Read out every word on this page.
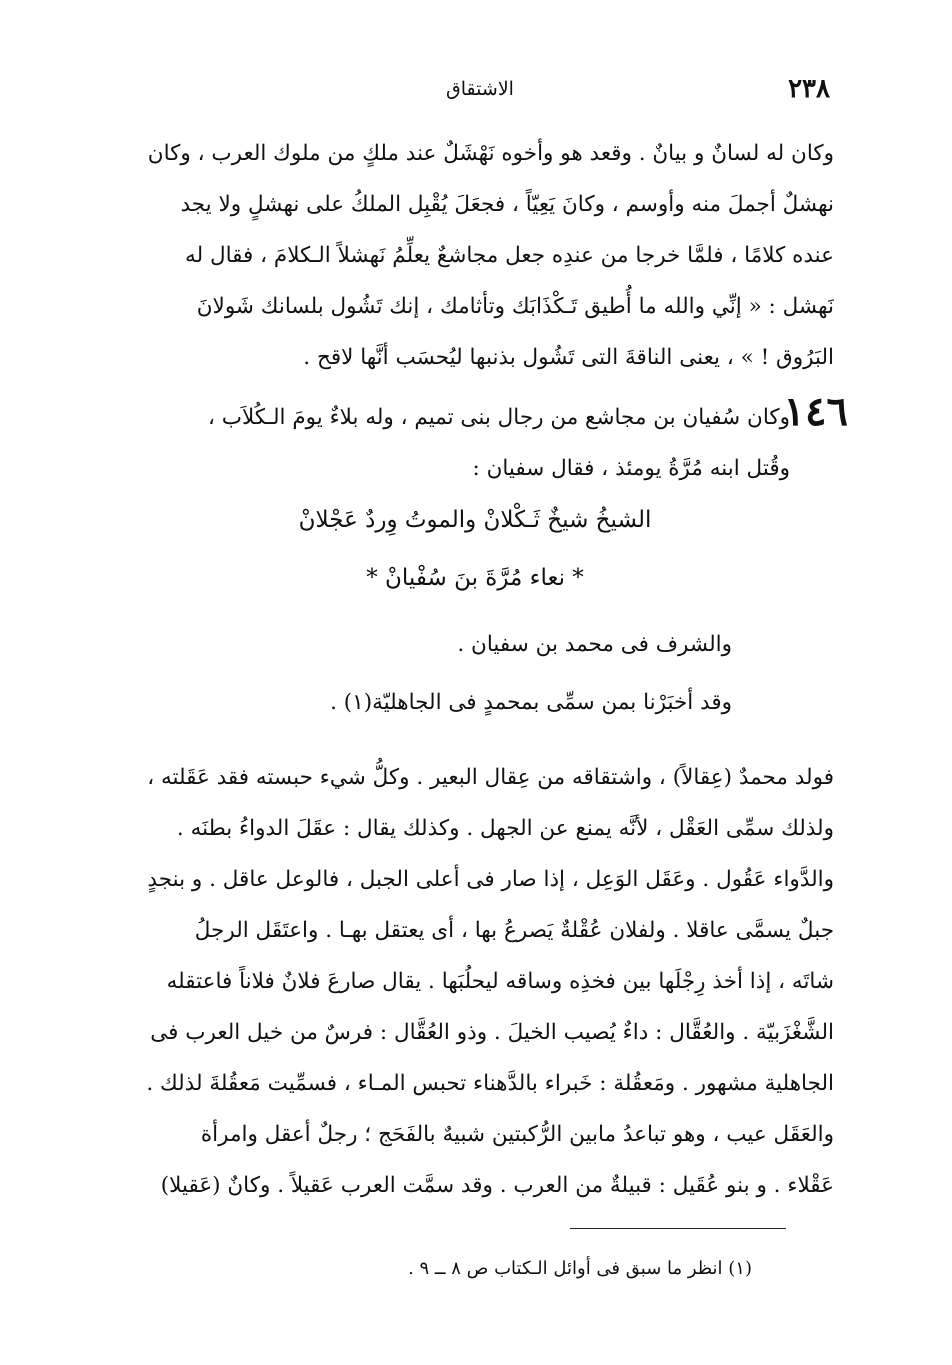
٢٣٨
الاشتقاق
وكان له لسانٌ و بيانٌ . وقعد هو وأخوه نَهْشَلٌ عند ملكٍ من ملوك العرب ، وكان
نهشلٌ أجملَ منه وأوسم ، وكانَ يَعِيّاً ، فجعَلَ يُقْبِل الملكُ على نهشلٍ ولا يجد
عنده كلامًا ، فلمَّا خرجا من عندِه جعل مجاشعٌ يعلِّمُ نَهشلاً الـكلامَ ، فقال له
نَهشل : « إنِّي والله ما أُطيق تَـكْذَابَك وتأثامك ، إنك تَشُول بلسانك شَولانَ
البَرُوق ! » ، يعنى الناقةَ التى تَشُول بذنبها ليُحسَب أنَّها لاقح .
١٤٦
وكان سُفيان بن مجاشع من رجال بنى تميم ، وله بلاءٌ يومَ الـكُلاَب ،
وقُتل ابنه مُرَّةُ يومئذ ، فقال سفيان :
الشيخُ شيخٌ ثَـكْلانْ والموتُ وِردٌ عَجْلانْ
* نعاء مُرَّةَ بنَ سُفْيانْ *
والشرف فى محمد بن سفيان .
وقد أخبَرْنا بمن سمِّى بمحمدٍ فى الجاهليّة(١) .
فولد محمدٌ (عِقالاً) ، واشتقاقه من عِقال البعير . وكلُّ شيء حبسته فقد عَقَلته ،
ولذلك سمِّى العَقْل ، لأنَّه يمنع عن الجهل . وكذلك يقال : عقَلَ الدواءُ بطنَه .
والدَّواء عَقُول . وعَقَل الوَعِل ، إذا صار فى أعلى الجبل ، فالوعل عاقل . و بنجدٍ
جبلٌ يسمَّى عاقلا . ولفلان عُقْلةٌ يَصرعُ بها ، أى يعتقل بهـا . واعتَقَل الرجلُ
شاتَه ، إذا أخذ رِجْلَها بين فخذِه وساقه ليحلُبَها . يقال صارعَ فلانٌ فلاناً فاعتقله
الشَّغْزَبيّة . والعُقَّال : داءٌ يُصيب الخيلَ . وذو العُقَّال : فرسٌ من خيل العرب فى
الجاهلية مشهور . ومَعقُلة : خَبراء بالدَّهناء تحبس المـاء ، فسمِّيت مَعقُلةَ لذلك .
والعَقَل عيب ، وهو تباعدُ مابين الرُّكبتين شبيهٌ بالفَحَج ؛ رجلٌ أعقل وامرأة
عَقْلاء . و بنو عُقَيل : قبيلةٌ من العرب . وقد سمَّت العرب عَقيلاً . وكانٌ (عَقيلا)
(١) انظر ما سبق فى أوائل الـكتاب ص ٨ ــ ٩ .
